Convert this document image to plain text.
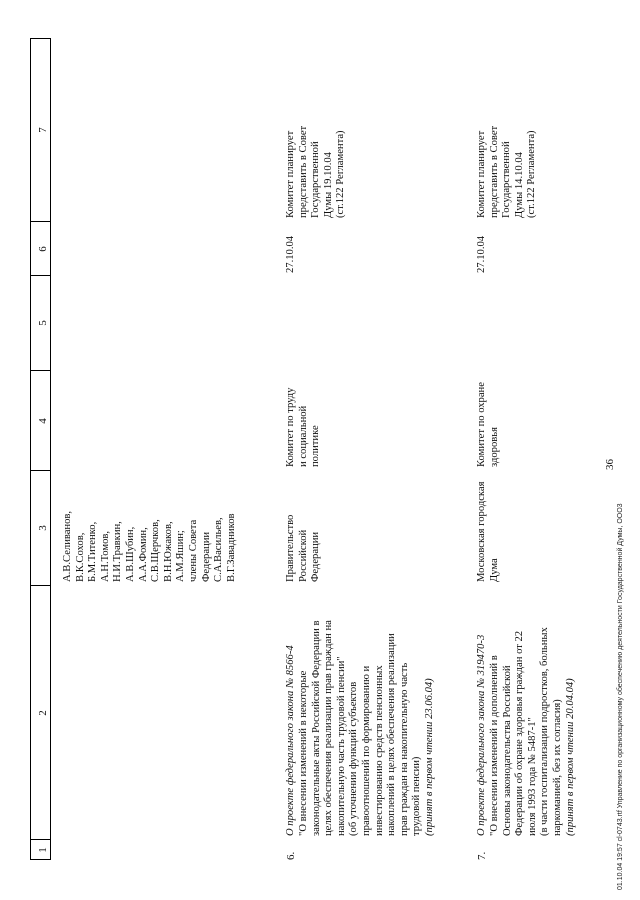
36
1
2
3
4
5
6
7
А.В.Селиванов,
В.К.Сохов,
Б.М.Титенко,
А.Н.Томов,
Н.И.Травкин,
А.В.Шубин,
А.А.Фомин,
С.В.Щерчков,
В.Н.Южаков,
А.М.Яшин;
члены Совета
Федерации
С.А.Васильев,
В.Г.Завадников
6.
О проекте федерального закона № 8566-4 "О внесении изменений в некоторые
законодательные акты Российской Федерации в
целях обеспечения реализации прав граждан на
накопительную часть трудовой пенсии"
(об уточнении функций субъектов
правоотношений по формированию и
инвестированию средств пенсионных
накоплений в целях обеспечения реализации
прав граждан на накопительную часть
трудовой пенсии) (принят в первом чтении 23.06.04)
Правительство
Российской
Федерации
Комитет по труду
и социальной
политике
27.10.04
Комитет планирует
представить в Совет
Государственной
Думы 19.10.04
(ст.122 Регламента)
7.
О проекте федерального закона № 319470-3 "О внесении изменений и дополнений в
Основы законодательства Российской
Федерации об охране здоровья граждан от 22
июля 1993 года № 5487-1"
(в части госпитализации подростков, больных
наркоманией, без их согласия) (принят в первом чтении 20.04.04)
Московская городская
Дума
Комитет по охране
здоровья
27.10.04
Комитет планирует
представить в Совет
Государственной
Думы 14.10.04
(ст.122 Регламента)
01.10.04 19:57 cl-0743.rtf Управление по организационному обеспечению деятельности Государственной Думы, ООО3
